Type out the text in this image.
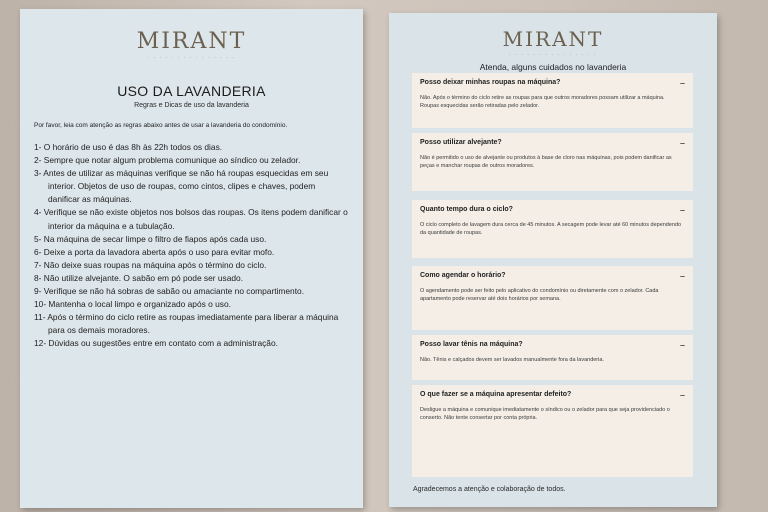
MIRANT
· · · · · · · · · · · · · · ·
USO DA LAVANDERIA
Regras e Dicas de uso da lavanderia
Por favor, leia com atenção as regras abaixo antes de usar a lavanderia do condomínio.
1- O horário de uso é das 8h às 22h todos os dias.
2- Sempre que notar algum problema comunique ao síndico ou zelador.
3- Antes de utilizar as máquinas verifique se não há roupas esquecidas em seu interior. Objetos de uso de roupas, como cintos, clipes e chaves, podem danificar as máquinas.
4- Verifique se não existe objetos nos bolsos das roupas. Os itens podem danificar o interior da máquina e a tubulação.
5- Na máquina de secar limpe o filtro de fiapos após cada uso.
6- Deixe a porta da lavadora aberta após o uso para evitar mofo.
7- Não deixe suas roupas na máquina após o término do ciclo.
8- Não utilize alvejante. O sabão em pó pode ser usado.
9- Verifique se não há sobras de sabão ou amaciante no compartimento.
10- Mantenha o local limpo e organizado após o uso.
11- Após o término do ciclo retire as roupas imediatamente para liberar a máquina para os demais moradores.
12- Dúvidas ou sugestões entre em contato com a administração.
MIRANT
· · · · · · · · · · · · · · ·
Atenda, alguns cuidados no lavanderia
Posso deixar minhas roupas na máquina?	–
Não. Após o término do ciclo retire as roupas para que outros moradores possam utilizar a máquina. Roupas esquecidas serão retiradas pelo zelador.
Posso utilizar alvejante?	–
Não é permitido o uso de alvejante ou produtos à base de cloro nas máquinas, pois podem danificar as peças e manchar roupas de outros moradores.
Quanto tempo dura o ciclo?	–
O ciclo completo de lavagem dura cerca de 45 minutos. A secagem pode levar até 60 minutos dependendo da quantidade de roupas.
Como agendar o horário?	–
O agendamento pode ser feito pelo aplicativo do condomínio ou diretamente com o zelador. Cada apartamento pode reservar até dois horários por semana.
Posso lavar tênis na máquina?	–
Não. Tênis e calçados devem ser lavados manualmente fora da lavanderia.
O que fazer se a máquina apresentar defeito?	–
Desligue a máquina e comunique imediatamente o síndico ou o zelador para que seja providenciado o conserto. Não tente consertar por conta própria.
Agradecemos a atenção e colaboração de todos.
